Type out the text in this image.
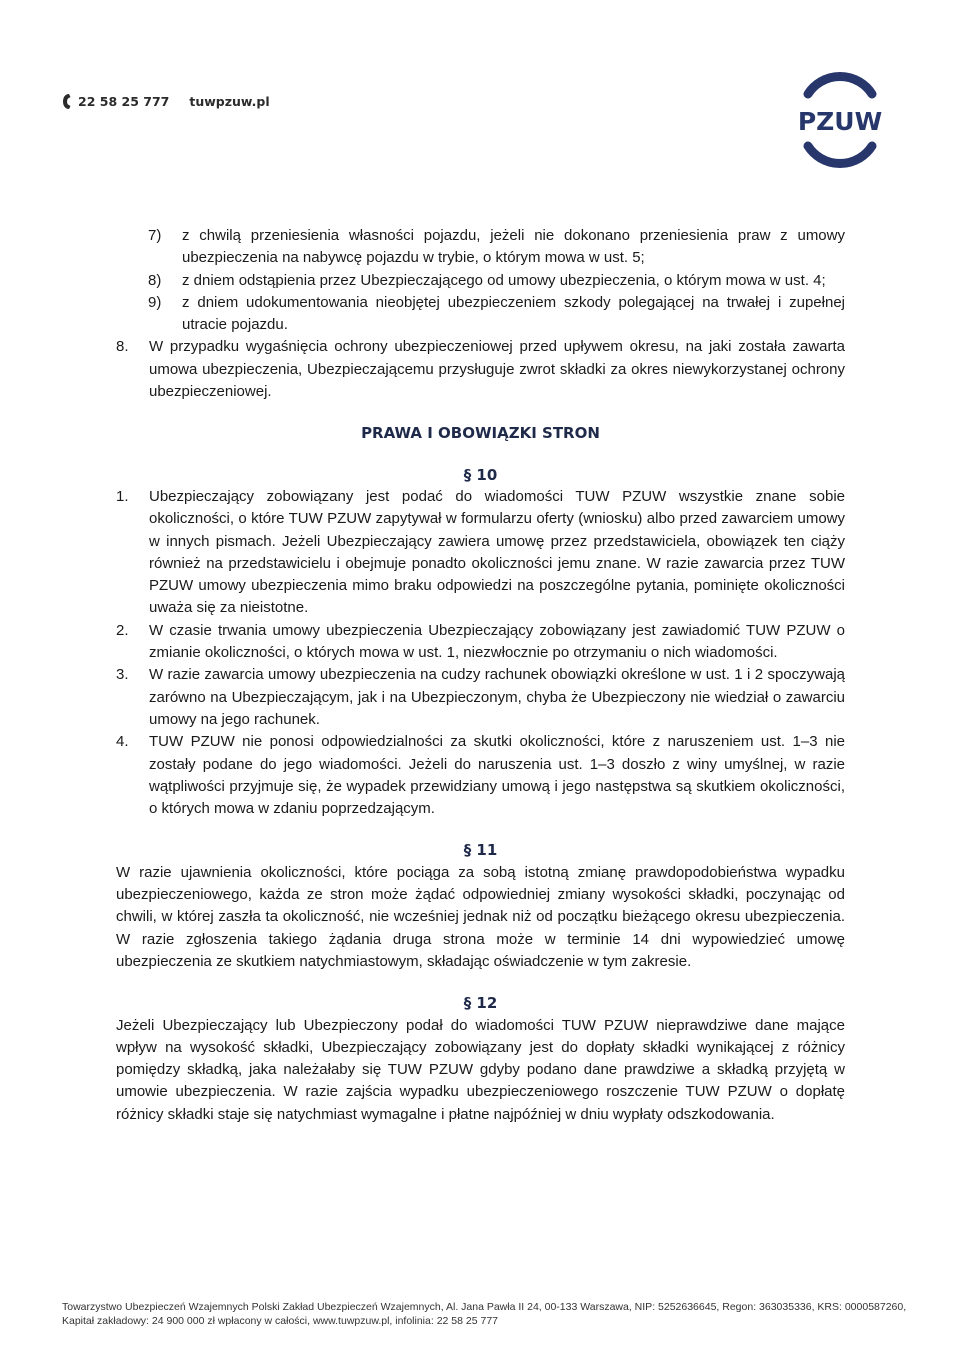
22 58 25 777 tuwpzuw.pl
PZUW

7) z chwilą przeniesienia własności pojazdu, jeżeli nie dokonano przeniesienia praw z umowy ubezpieczenia na nabywcę pojazdu w trybie, o którym mowa w ust. 5;

8) z dniem odstąpienia przez Ubezpieczającego od umowy ubezpieczenia, o którym mowa w ust. 4;

9) z dniem udokumentowania nieobjętej ubezpieczeniem szkody polegającej na trwałej i zupełnej utracie pojazdu.

8. W przypadku wygaśnięcia ochrony ubezpieczeniowej przed upływem okresu, na jaki została zawarta umowa ubezpieczenia, Ubezpieczającemu przysługuje zwrot składki za okres niewykorzystanej ochrony ubezpieczeniowej.

PRAWA I OBOWIĄZKI STRON

§ 10

1. Ubezpieczający zobowiązany jest podać do wiadomości TUW PZUW wszystkie znane sobie okoliczności, o które TUW PZUW zapytywał w formularzu oferty (wniosku) albo przed zawarciem umowy w innych pismach. Jeżeli Ubezpieczający zawiera umowę przez przedstawiciela, obowiązek ten ciąży również na przedstawicielu i obejmuje ponadto okoliczności jemu znane. W razie zawarcia przez TUW PZUW umowy ubezpieczenia mimo braku odpowiedzi na poszczególne pytania, pominięte okoliczności uważa się za nieistotne.

2. W czasie trwania umowy ubezpieczenia Ubezpieczający zobowiązany jest zawiadomić TUW PZUW o zmianie okoliczności, o których mowa w ust. 1, niezwłocznie po otrzymaniu o nich wiadomości.

3. W razie zawarcia umowy ubezpieczenia na cudzy rachunek obowiązki określone w ust. 1 i 2 spoczywają zarówno na Ubezpieczającym, jak i na Ubezpieczonym, chyba że Ubezpieczony nie wiedział o zawarciu umowy na jego rachunek.

4. TUW PZUW nie ponosi odpowiedzialności za skutki okoliczności, które z naruszeniem ust. 1–3 nie zostały podane do jego wiadomości. Jeżeli do naruszenia ust. 1–3 doszło z winy umyślnej, w razie wątpliwości przyjmuje się, że wypadek przewidziany umową i jego następstwa są skutkiem okoliczności, o których mowa w zdaniu poprzedzającym.

§ 11

W razie ujawnienia okoliczności, które pociąga za sobą istotną zmianę prawdopodobieństwa wypadku ubezpieczeniowego, każda ze stron może żądać odpowiedniej zmiany wysokości składki, poczynając od chwili, w której zaszła ta okoliczność, nie wcześniej jednak niż od początku bieżącego okresu ubezpieczenia. W razie zgłoszenia takiego żądania druga strona może w terminie 14 dni wypowiedzieć umowę ubezpieczenia ze skutkiem natychmiastowym, składając oświadczenie w tym zakresie.

§ 12

Jeżeli Ubezpieczający lub Ubezpieczony podał do wiadomości TUW PZUW nieprawdziwe dane mające wpływ na wysokość składki, Ubezpieczający zobowiązany jest do dopłaty składki wynikającej z różnicy pomiędzy składką, jaka należałaby się TUW PZUW gdyby podano dane prawdziwe a składką przyjętą w umowie ubezpieczenia. W razie zajścia wypadku ubezpieczeniowego roszczenie TUW PZUW o dopłatę różnicy składki staje się natychmiast wymagalne i płatne najpóźniej w dniu wypłaty odszkodowania.

Towarzystwo Ubezpieczeń Wzajemnych Polski Zakład Ubezpieczeń Wzajemnych, Al. Jana Pawła II 24, 00-133 Warszawa, NIP: 5252636645, Regon: 363035336, KRS: 0000587260,
Kapitał zakładowy: 24 900 000 zł wpłacony w całości, www.tuwpzuw.pl, infolinia: 22 58 25 777
